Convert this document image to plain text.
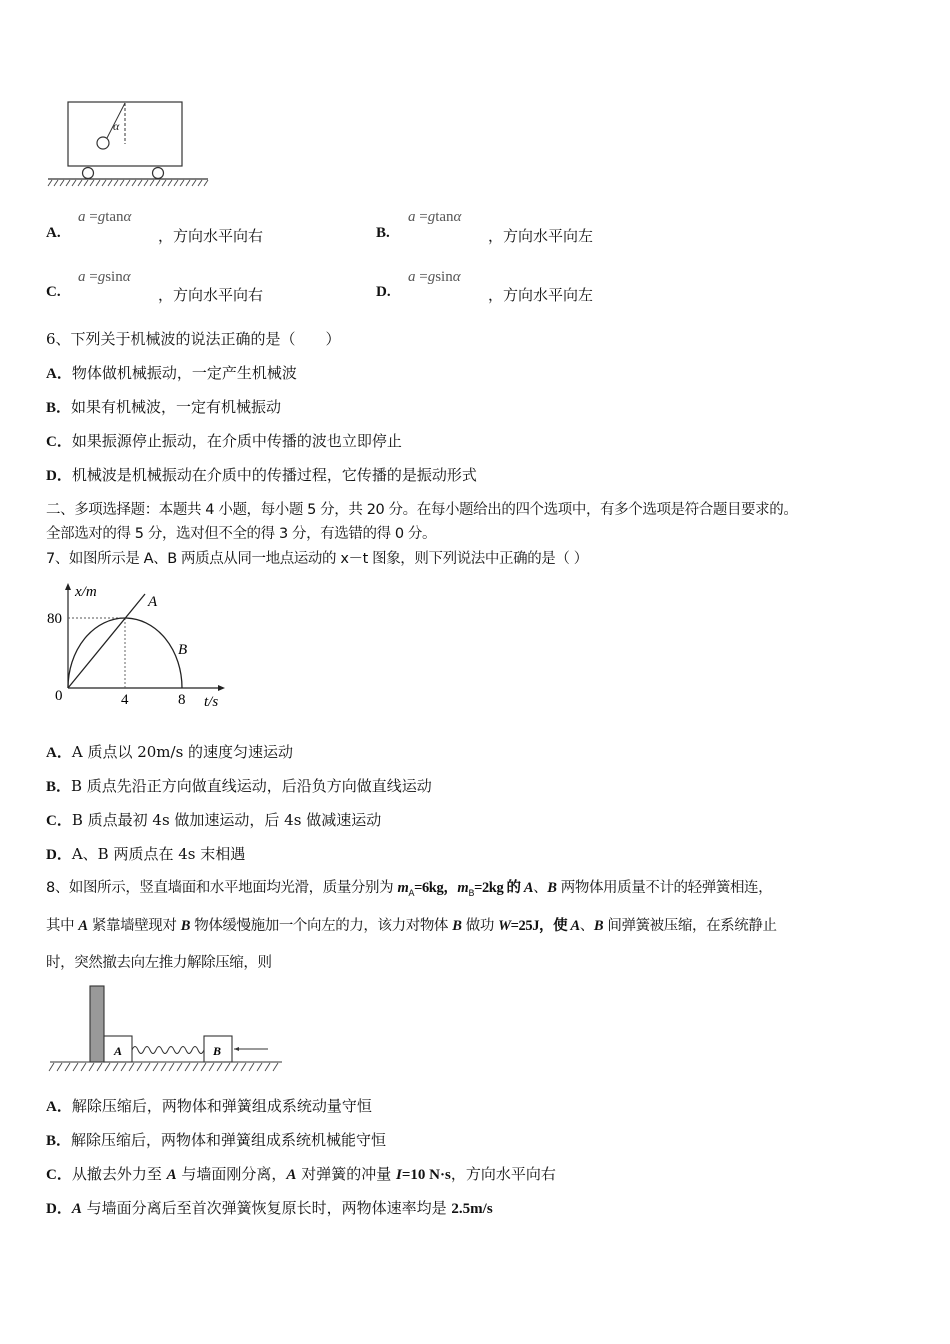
α
A.
a =gtanα
，方向水平向右	B.
a =gtanα
，方向水平向左
C.
a =gsinα
，方向水平向右	D.
a =gsinα
，方向水平向左
6、下列关于机械波的说法正确的是（　　）
A．物体做机械振动，一定产生机械波
B．如果有机械波，一定有机械振动
C．如果振源停止振动，在介质中传播的波也立即停止
D．机械波是机械振动在介质中的传播过程，它传播的是振动形式
二、多项选择题：本题共 4 小题，每小题 5 分，共 20 分。在每小题给出的四个选项中，有多个选项是符合题目要求的。
全部选对的得 5 分，选对但不全的得 3 分，有选错的得 0 分。
7、如图所示是 A、B 两质点从同一地点运动的 x－t 图象，则下列说法中正确的是（ ）
x/m
80
0	4	8 t/s
A
B
A．A 质点以 20m/s 的速度匀速运动
B．B 质点先沿正方向做直线运动，后沿负方向做直线运动
C．B 质点最初 4s 做加速运动，后 4s 做减速运动
D．A、B 两质点在 4s 末相遇
8、如图所示，竖直墙面和水平地面均光滑，质量分别为 $m_A=6kg$，$m_B=2kg$ 的 A、B 两物体用质量不计的轻弹簧相连，
其中 A 紧靠墙壁现对 B 物体缓慢施加一个向左的力，该力对物体 B 做功 W=25J，使 A、B 间弹簧被压缩，在系统静止
时，突然撤去向左推力解除压缩，则
A	B
A．解除压缩后，两物体和弹簧组成系统动量守恒
B．解除压缩后，两物体和弹簧组成系统机械能守恒
C．从撤去外力至 A 与墙面刚分离，A 对弹簧的冲量 I=10 N·s，方向水平向右
D．A 与墙面分离后至首次弹簧恢复原长时，两物体速率均是 2.5m/s
